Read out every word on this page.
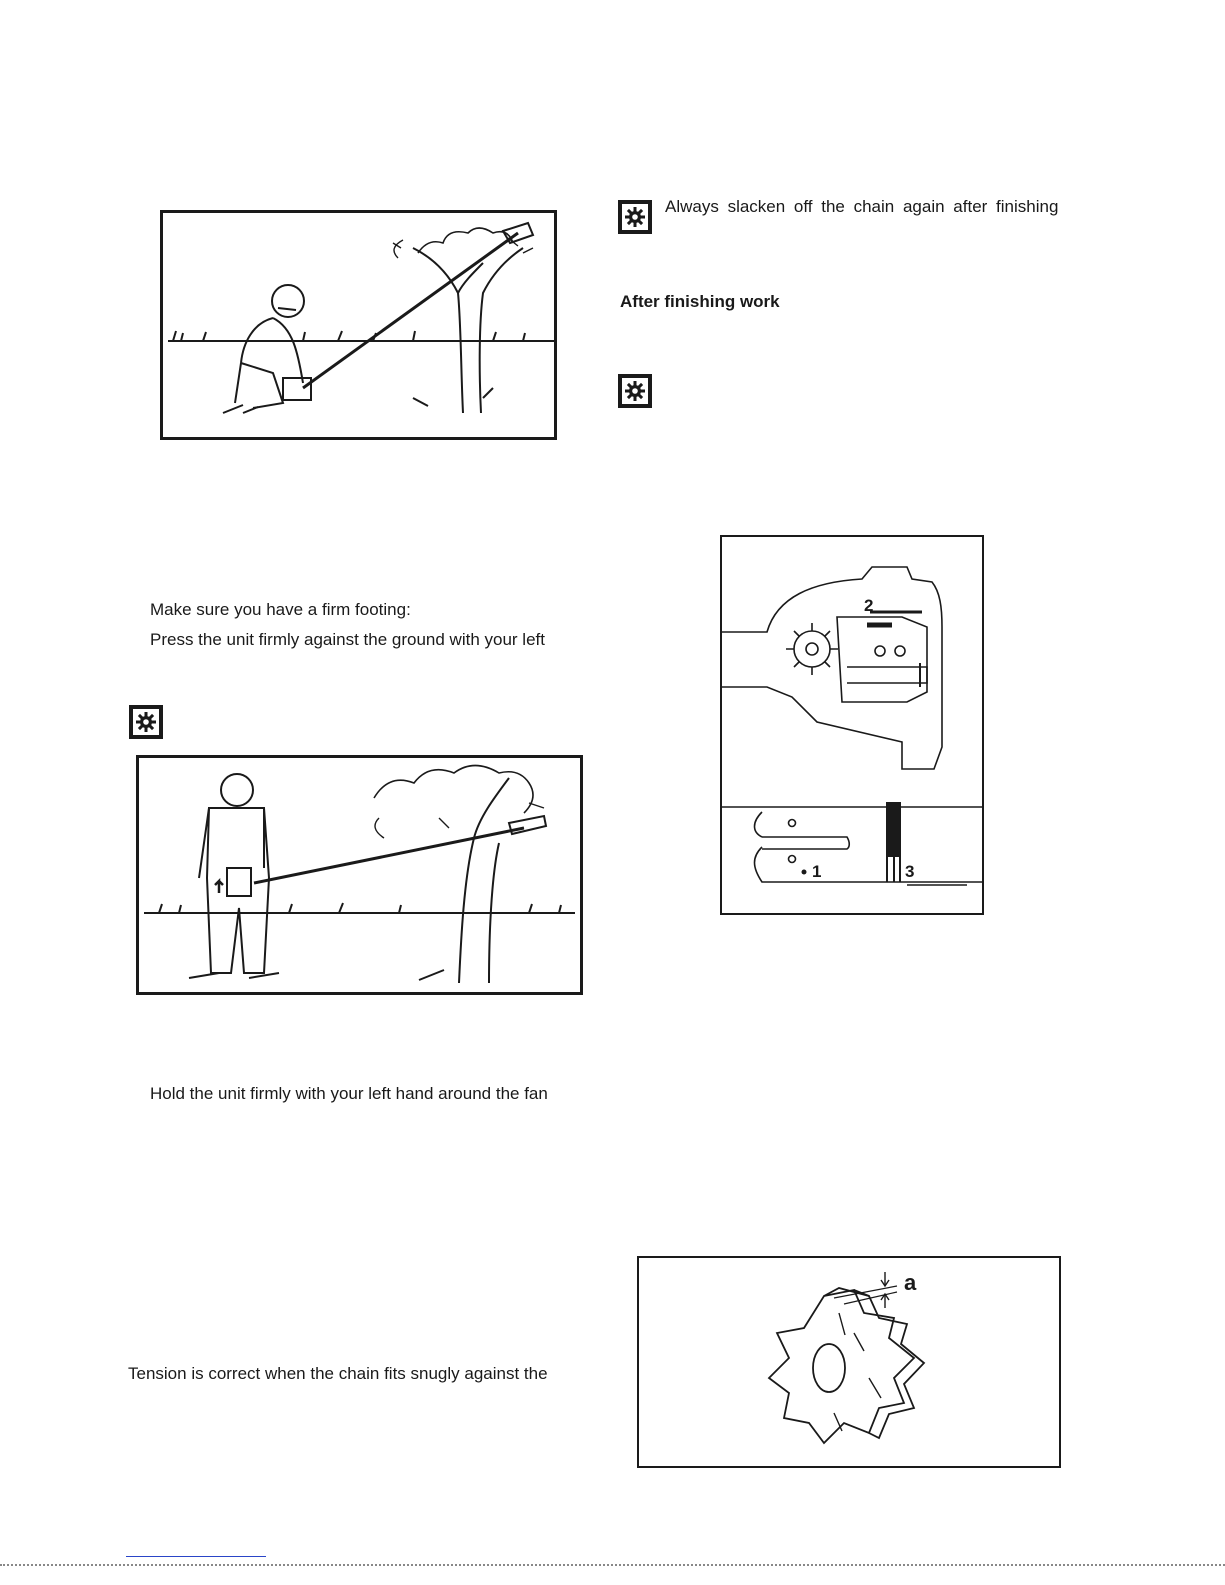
Make sure you have a firm footing:
Press the unit firmly against the ground with your left
Hold the unit firmly with your left hand around the fan
Tension is correct when the chain fits snugly against the
Always slacken off the chain again after finishing
After finishing work
2
1	3
a
